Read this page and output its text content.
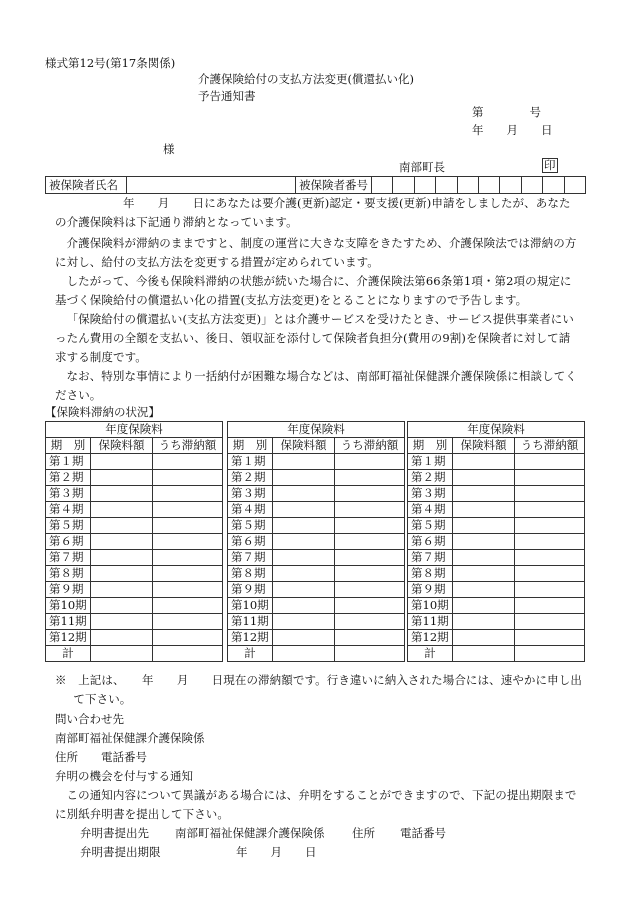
様式第12号(第17条関係)
介護保険給付の支払方法変更(償還払い化)
予告通知書
第　　　　号
年　　月　　日
様
南部町長	印
被保険者氏名		被保険者番号										

年　　月　　日にあなたは要介護(更新)認定・要支援(更新)申請をしましたが、あなたの介護保険料は下記通り滞納となっています。

介護保険料が滞納のままですと、制度の運営に大きな支障をきたすため、介護保険法では滞納の方に対し、給付の支払方法を変更する措置が定められています。

したがって、今後も保険料滞納の状態が続いた場合に、介護保険法第66条第1項・第2項の規定に基づく保険給付の償還払い化の措置(支払方法変更)をとることになりますので予告します。

「保険給付の償還払い(支払方法変更)」とは介護サービスを受けたとき、サービス提供事業者にいったん費用の全額を支払い、後日、領収証を添付して保険者負担分(費用の9割)を保険者に対して請求する制度です。

なお、特別な事情により一括納付が困難な場合などは、南部町福祉保健課介護保険係に相談してください。

【保険料滞納の状況】
年度保険料		
期　別	保険料額	うち滞納額
第１期		
第２期		
第３期		
第４期		
第５期		
第６期		
第７期		
第８期		
第９期		
第10期		
第11期		
第12期		
計		
年度保険料		
期　別	保険料額	うち滞納額
第１期		
第２期		
第３期		
第４期		
第５期		
第６期		
第７期		
第８期		
第９期		
第10期		
第11期		
第12期		
計		
年度保険料		
期　別	保険料額	うち滞納額
第１期		
第２期		
第３期		
第４期		
第５期		
第６期		
第７期		
第８期		
第９期		
第10期		
第11期		
第12期		
計		

※　上記は、　　年　　月　　日現在の滞納額です。行き違いに納入された場合には、速やかに申し出て下さい。

問い合わせ先
南部町福祉保健課介護保険係
住所　　電話番号
弁明の機会を付与する通知

この通知内容について異議がある場合には、弁明をすることができますので、下記の提出期限までに別紙弁明書を提出して下さい。

弁明書提出先 南部町福祉保健課介護保険係 住所 電話番号
弁明書提出期限	年　　月　　日
